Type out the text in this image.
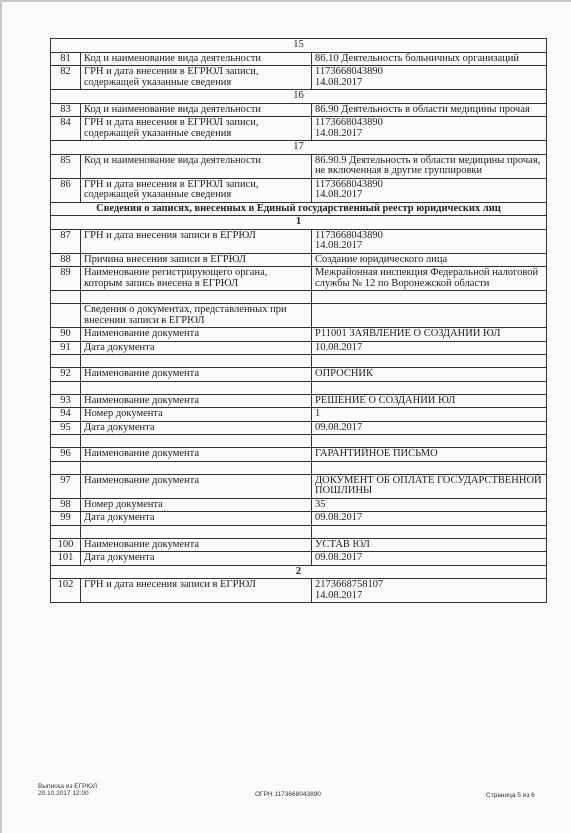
15		
81	Код и наименование вида деятельности	86.10 Деятельность больничных организаций
82	ГРН и дата внесения в ЕГРЮЛ записи, содержащей указанные сведения	1173668043890
14.08.2017
16		
83	Код и наименование вида деятельности	86.90 Деятельность в области медицины прочая
84	ГРН и дата внесения в ЕГРЮЛ записи, содержащей указанные сведения	1173668043890
14.08.2017
17		
85	Код и наименование вида деятельности	86.90.9 Деятельность в области медицины прочая, не включенная в другие группировки
86	ГРН и дата внесения в ЕГРЮЛ записи, содержащей указанные сведения	1173668043890
14.08.2017
Сведения о записях, внесенных в Единый государственный реестр юридических лиц		
1		
87	ГРН и дата внесения записи в ЕГРЮЛ	1173668043890
14.08.2017
88	Причина внесения записи в ЕГРЮЛ	Создание юридического лица
89	Наименование регистрирующего органа, которым запись внесена в ЕГРЮЛ	Межрайонная инспекция Федеральной налоговой службы № 12 по Воронежской области

	Сведения о документах, представленных при внесении записи в ЕГРЮЛ	
90	Наименование документа	Р11001 ЗАЯВЛЕНИЕ О СОЗДАНИИ ЮЛ
91	Дата документа	10.08.2017

92	Наименование документа	ОПРОСНИК

93	Наименование документа	РЕШЕНИЕ О СОЗДАНИИ ЮЛ
94	Номер документа	1
95	Дата документа	09.08.2017

96	Наименование документа	ГАРАНТИЙНОЕ ПИСЬМО

97	Наименование документа	ДОКУМЕНТ ОБ ОПЛАТЕ ГОСУДАРСТВЕННОЙ ПОШЛИНЫ
98	Номер документа	35
99	Дата документа	09.08.2017

100	Наименование документа	УСТАВ ЮЛ
101	Дата документа	09.08.2017
2		
102	ГРН и дата внесения записи в ЕГРЮЛ	2173668758107
14.08.2017
Выписка из ЕГРЮЛ
20.10.2017 12:00	ОГРН 1173668043890	Страница 5 из 6
